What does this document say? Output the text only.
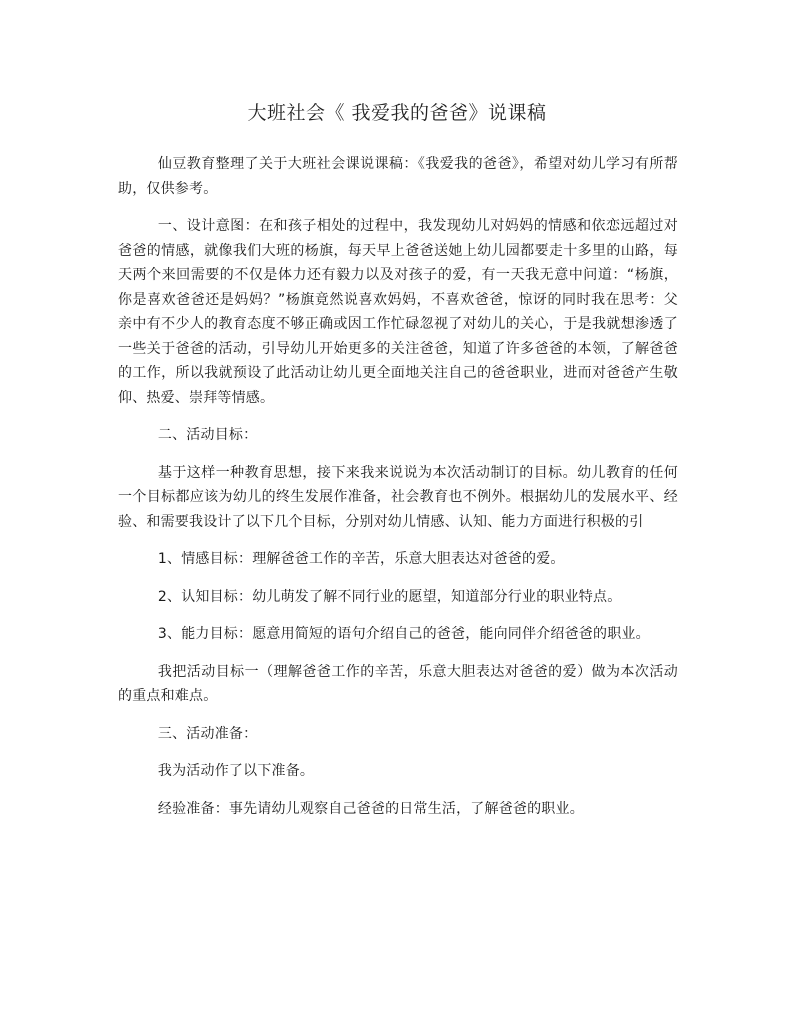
大班社会《 我爱我的爸爸》说课稿

仙豆教育整理了关于大班社会课说课稿：《我爱我的爸爸》，希望对幼儿学习有所帮助，仅供参考。

一、设计意图：在和孩子相处的过程中，我发现幼儿对妈妈的情感和依恋远超过对爸爸的情感，就像我们大班的杨旗，每天早上爸爸送她上幼儿园都要走十多里的山路，每天两个来回需要的不仅是体力还有毅力以及对孩子的爱，有一天我无意中问道：“杨旗，你是喜欢爸爸还是妈妈？”杨旗竟然说喜欢妈妈，不喜欢爸爸，惊讶的同时我在思考：父亲中有不少人的教育态度不够正确或因工作忙碌忽视了对幼儿的关心，于是我就想渗透了一些关于爸爸的活动，引导幼儿开始更多的关注爸爸，知道了许多爸爸的本领，了解爸爸的工作，所以我就预设了此活动让幼儿更全面地关注自己的爸爸职业，进而对爸爸产生敬仰、热爱、崇拜等情感。

二、活动目标：

基于这样一种教育思想，接下来我来说说为本次活动制订的目标。幼儿教育的任何一个目标都应该为幼儿的终生发展作准备，社会教育也不例外。根据幼儿的发展水平、经验、和需要我设计了以下几个目标，分别对幼儿情感、认知、能力方面进行积极的引

1、情感目标：理解爸爸工作的辛苦，乐意大胆表达对爸爸的爱。

2、认知目标：幼儿萌发了解不同行业的愿望，知道部分行业的职业特点。

3、能力目标：愿意用简短的语句介绍自己的爸爸，能向同伴介绍爸爸的职业。

我把活动目标一（理解爸爸工作的辛苦，乐意大胆表达对爸爸的爱）做为本次活动的重点和难点。

三、活动准备：

我为活动作了以下准备。

经验准备：事先请幼儿观察自己爸爸的日常生活，了解爸爸的职业。
